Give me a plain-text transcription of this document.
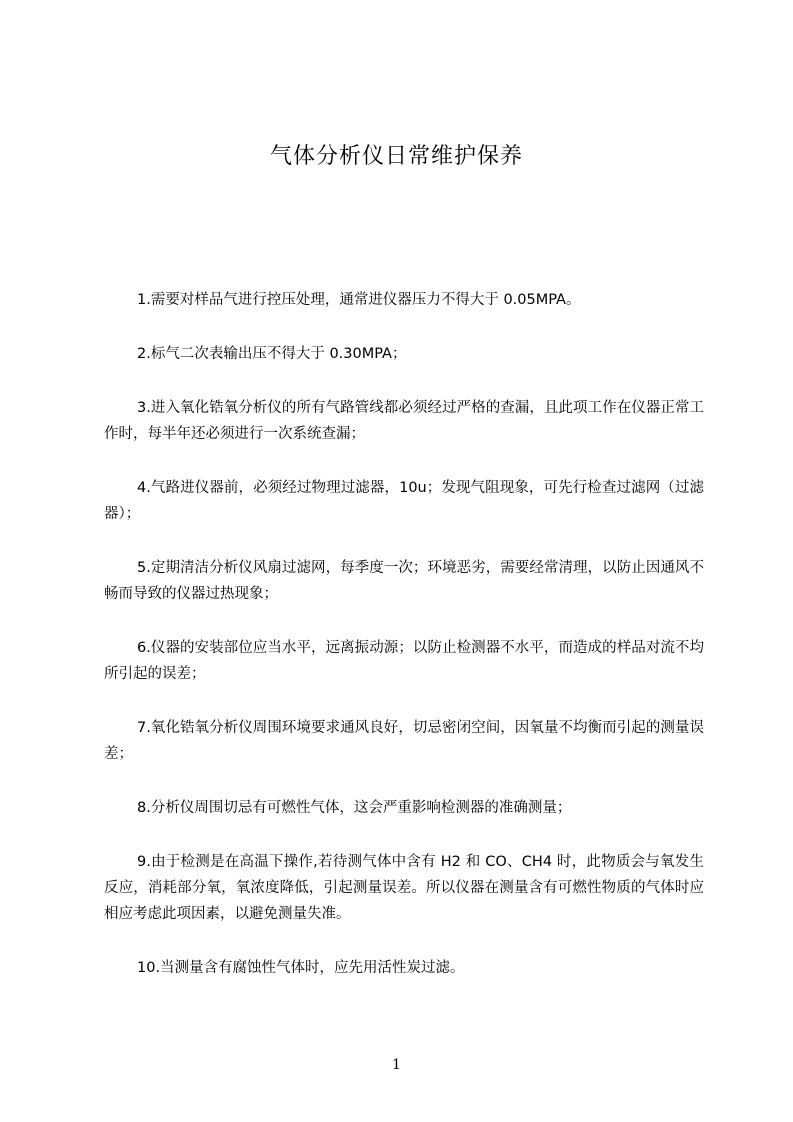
气体分析仪日常维护保养

1.需要对样品气进行控压处理，通常进仪器压力不得大于 0.05MPA。

2.标气二次表输出压不得大于 0.30MPA；

3.进入氧化锆氧分析仪的所有气路管线都必须经过严格的查漏，且此项工作在仪器正常工作时，每半年还必须进行一次系统查漏；

4.气路进仪器前，必须经过物理过滤器，10u；发现气阻现象，可先行检查过滤网（过滤器）；

5.定期清洁分析仪风扇过滤网，每季度一次；环境恶劣，需要经常清理，以防止因通风不畅而导致的仪器过热现象；

6.仪器的安装部位应当水平，远离振动源；以防止检测器不水平，而造成的样品对流不均所引起的误差；

7.氧化锆氧分析仪周围环境要求通风良好，切忌密闭空间，因氧量不均衡而引起的测量误差；

8.分析仪周围切忌有可燃性气体，这会严重影响检测器的准确测量；

9.由于检测是在高温下操作,若待测气体中含有 H2 和 CO、CH4 时，此物质会与氧发生反应，消耗部分氧，氧浓度降低，引起测量误差。所以仪器在测量含有可燃性物质的气体时应相应考虑此项因素，以避免测量失准。

10.当测量含有腐蚀性气体时，应先用活性炭过滤。

1
